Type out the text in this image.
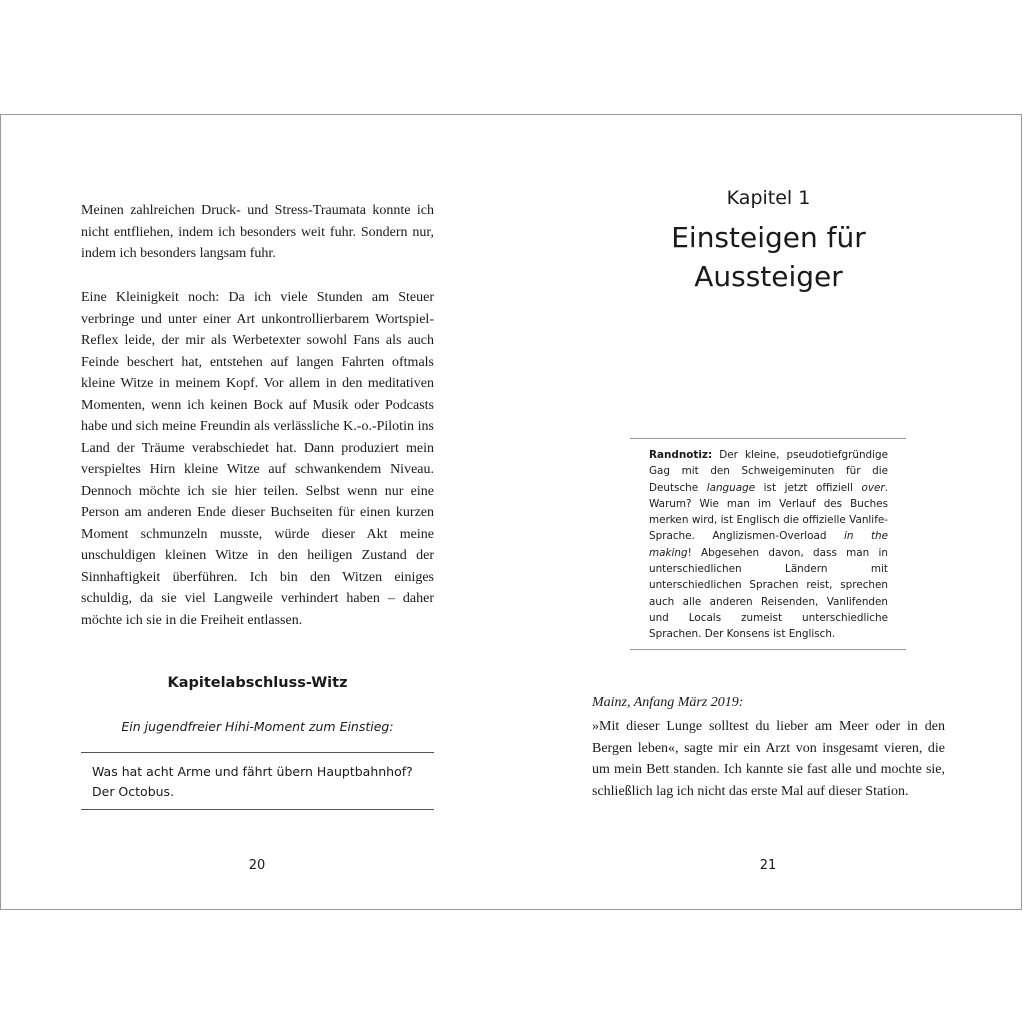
Meinen zahlreichen Druck- und Stress-Traumata konnte ich nicht entfliehen, indem ich besonders weit fuhr. Sondern nur, indem ich besonders langsam fuhr.

Eine Kleinigkeit noch: Da ich viele Stunden am Steuer verbringe und unter einer Art unkontrollierbarem Wortspiel-Reflex leide, der mir als Werbetexter sowohl Fans als auch Feinde beschert hat, entstehen auf langen Fahrten oftmals kleine Witze in meinem Kopf. Vor allem in den meditativen Momenten, wenn ich keinen Bock auf Musik oder Podcasts habe und sich meine Freundin als verlässliche K.-o.-Pilotin ins Land der Träume verabschiedet hat. Dann produziert mein verspieltes Hirn kleine Witze auf schwankendem Niveau. Dennoch möchte ich sie hier teilen. Selbst wenn nur eine Person am anderen Ende dieser Buchseiten für einen kurzen Moment schmunzeln musste, würde dieser Akt meine unschuldigen kleinen Witze in den heiligen Zustand der Sinnhaftigkeit überführen. Ich bin den Witzen einiges schuldig, da sie viel Langweile verhindert haben – daher möchte ich sie in die Freiheit entlassen.

Kapitelabschluss-Witz

Ein jugendfreier Hihi-Moment zum Einstieg:

Was hat acht Arme und fährt übern Hauptbahnhof?
Der Octobus.
20

Kapitel 1

Einsteigen für
Aussteiger

Randnotiz: Der kleine, pseudotiefgründige Gag mit den Schweigeminuten für die Deutsche language ist jetzt offiziell over. Warum? Wie man im Verlauf des Buches merken wird, ist Englisch die offizielle Vanlife-Sprache. Anglizismen-Overload in the making! Abgesehen davon, dass man in unterschiedlichen Ländern mit unterschiedlichen Sprachen reist, sprechen auch alle anderen Reisenden, Vanlifenden und Locals zumeist unterschiedliche Sprachen. Der Konsens ist Englisch.

Mainz, Anfang März 2019:

»Mit dieser Lunge solltest du lieber am Meer oder in den Bergen leben«, sagte mir ein Arzt von insgesamt vieren, die um mein Bett standen. Ich kannte sie fast alle und mochte sie, schließlich lag ich nicht das erste Mal auf dieser Station.

21
